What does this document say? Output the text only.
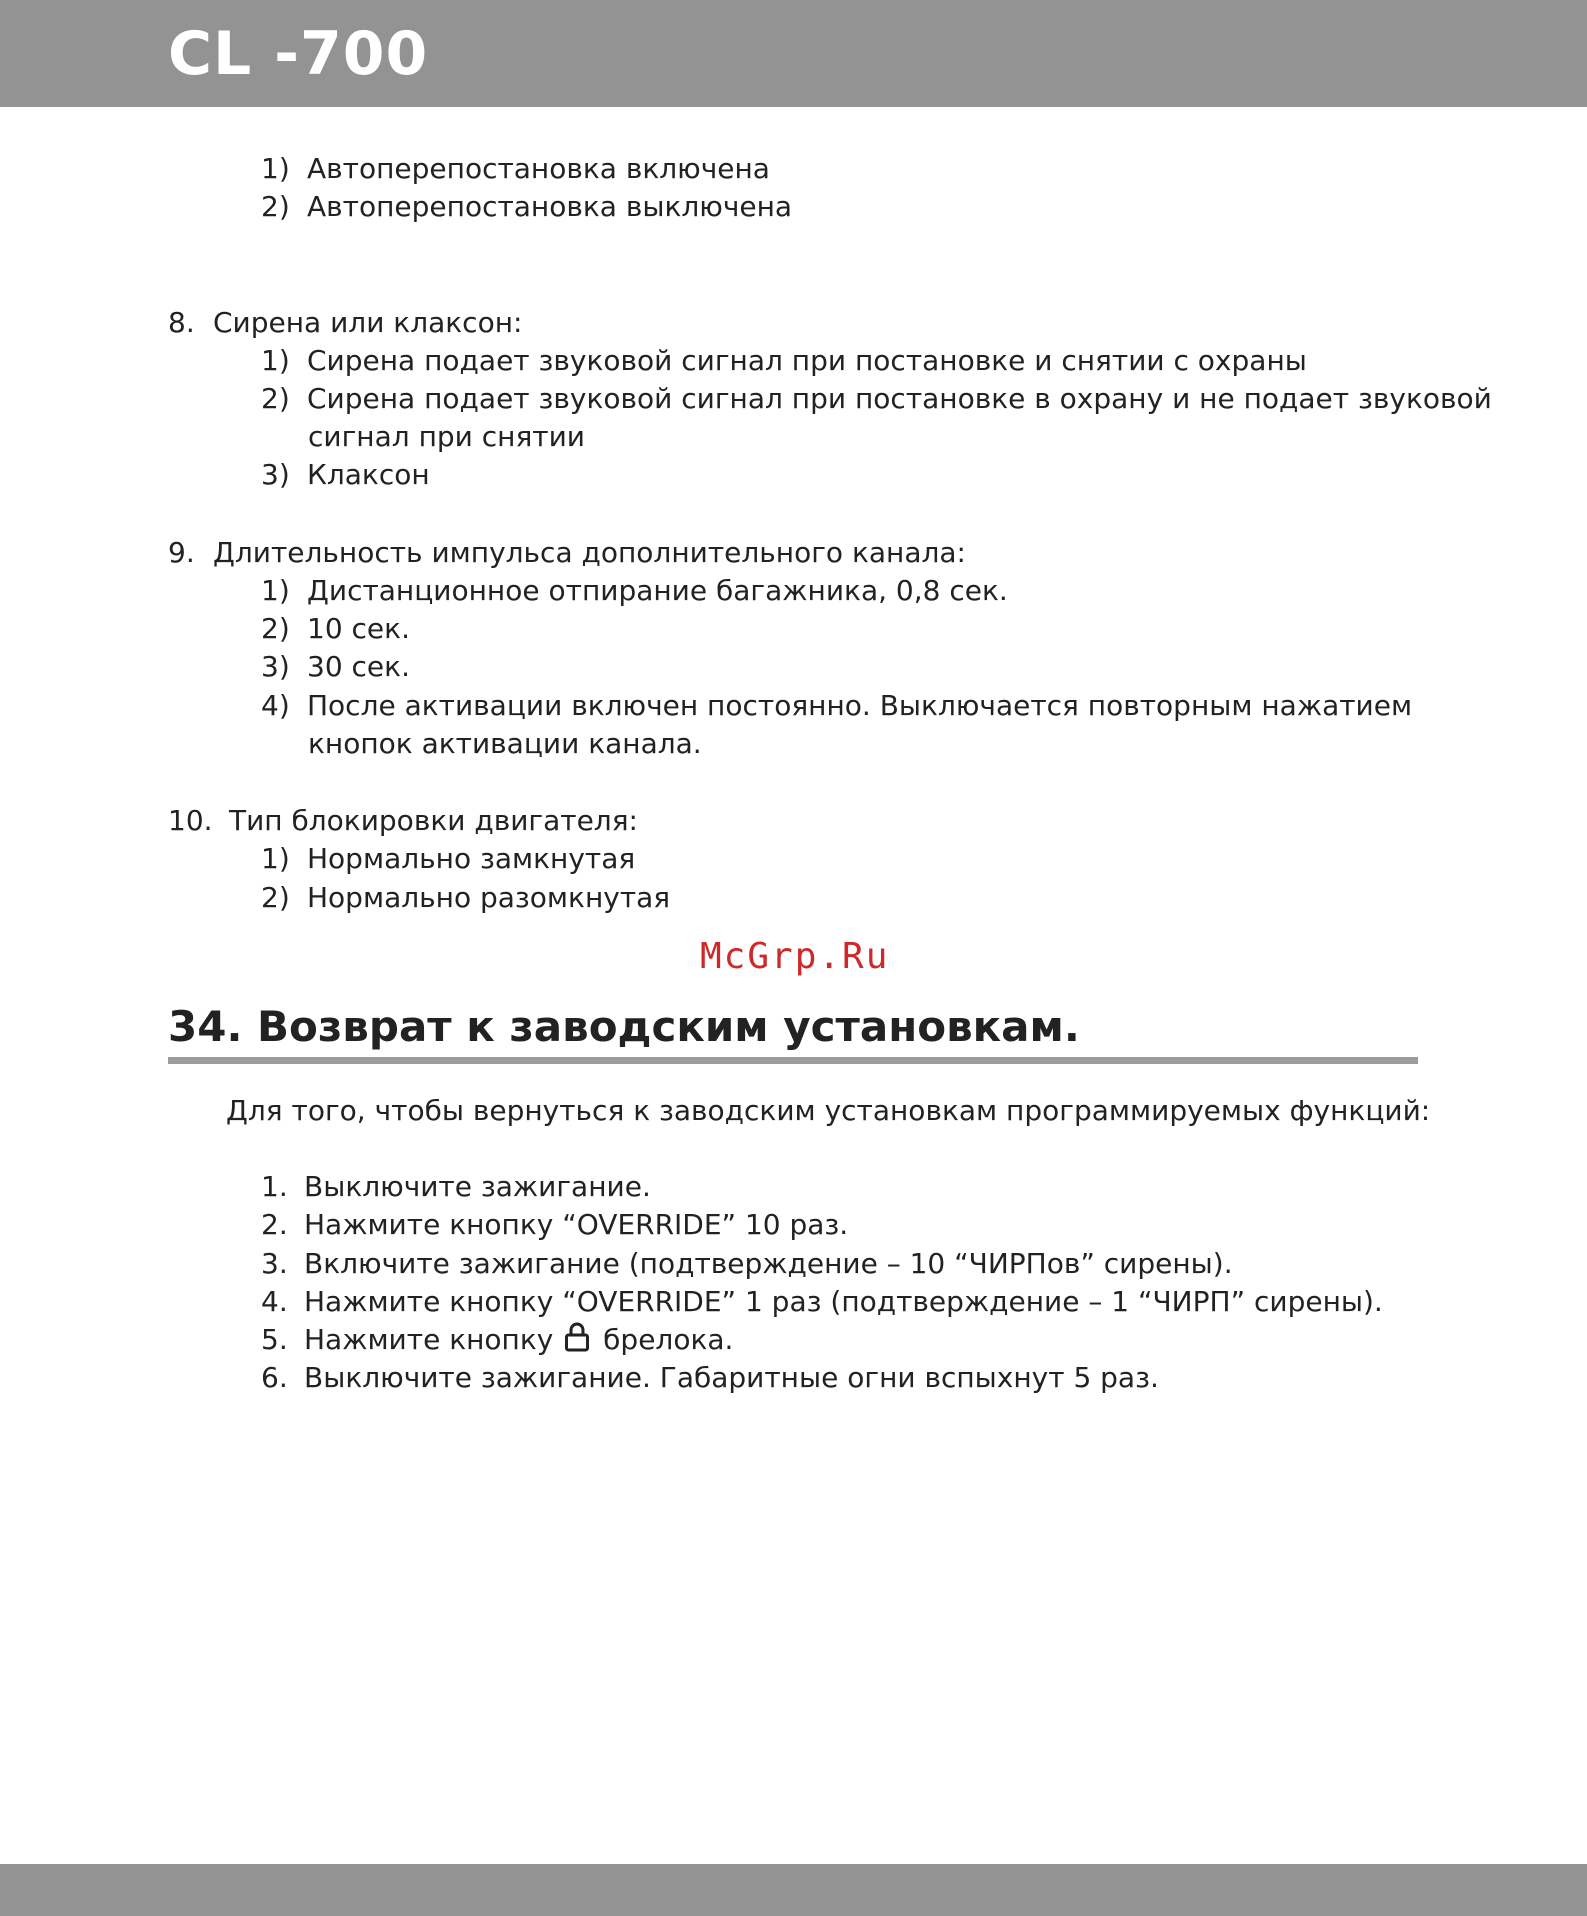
CL -700
1) Автоперепостановка включена
2) Автоперепостановка выключена
8. Сирена или клаксон:
1) Сирена подает звуковой сигнал при постановке и снятии с охраны
2) Сирена подает звуковой сигнал при постановке в охрану и не подает звуковой
сигнал при снятии
3) Клаксон
9. Длительность импульса дополнительного канала:
1) Дистанционное отпирание багажника, 0,8 сек.
2) 10 сек.
3) 30 сек.
4) После активации включен постоянно. Выключается повторным нажатием
кнопок активации канала.
10. Тип блокировки двигателя:
1) Нормально замкнутая
2) Нормально разомкнутая
McGrp.Ru
34. Возврат к заводским установкам.
Для того, чтобы вернуться к заводским установкам программируемых функций:
1. Выключите зажигание.
2. Нажмите кнопку “OVERRIDE” 10 раз.
3. Включите зажигание (подтверждение – 10 “ЧИРПов” сирены).
4. Нажмите кнопку “OVERRIDE” 1 раз (подтверждение – 1 “ЧИРП” сирены).
5. Нажмите кнопку брелока.
6. Выключите зажигание. Габаритные огни вспыхнут 5 раз.
